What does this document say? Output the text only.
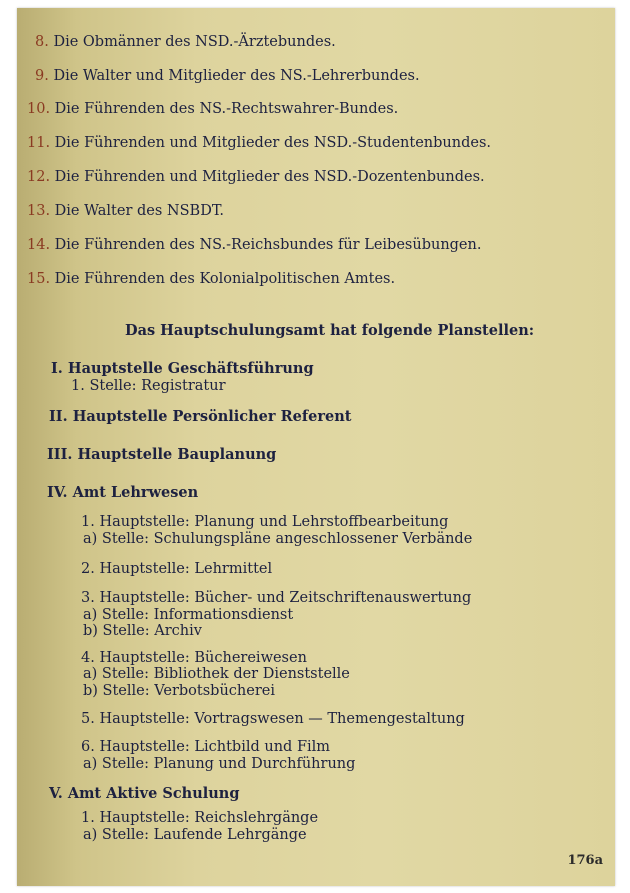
8. Die Obmänner des NSD.-Ärztebundes.
9. Die Walter und Mitglieder des NS.-Lehrerbundes.
10. Die Führenden des NS.-Rechtswahrer-Bundes.
11. Die Führenden und Mitglieder des NSD.-Studentenbundes.
12. Die Führenden und Mitglieder des NSD.-Dozentenbundes.
13. Die Walter des NSBDT.
14. Die Führenden des NS.-Reichsbundes für Leibesübungen.
15. Die Führenden des Kolonialpolitischen Amtes.
Das Hauptschulungsamt hat folgende Planstellen:
I. Hauptstelle Geschäftsführung
1. Stelle: Registratur
II. Hauptstelle Persönlicher Referent
III. Hauptstelle Bauplanung
IV. Amt Lehrwesen
1. Hauptstelle: Planung und Lehrstoffbearbeitung
a) Stelle: Schulungspläne angeschlossener Verbände
2. Hauptstelle: Lehrmittel
3. Hauptstelle: Bücher- und Zeitschriftenauswertung
a) Stelle: Informationsdienst
b) Stelle: Archiv
4. Hauptstelle: Büchereiwesen
a) Stelle: Bibliothek der Dienststelle
b) Stelle: Verbotsbücherei
5. Hauptstelle: Vortragswesen — Themengestaltung
6. Hauptstelle: Lichtbild und Film
a) Stelle: Planung und Durchführung
V. Amt Aktive Schulung
1. Hauptstelle: Reichslehrgänge
a) Stelle: Laufende Lehrgänge
176a
